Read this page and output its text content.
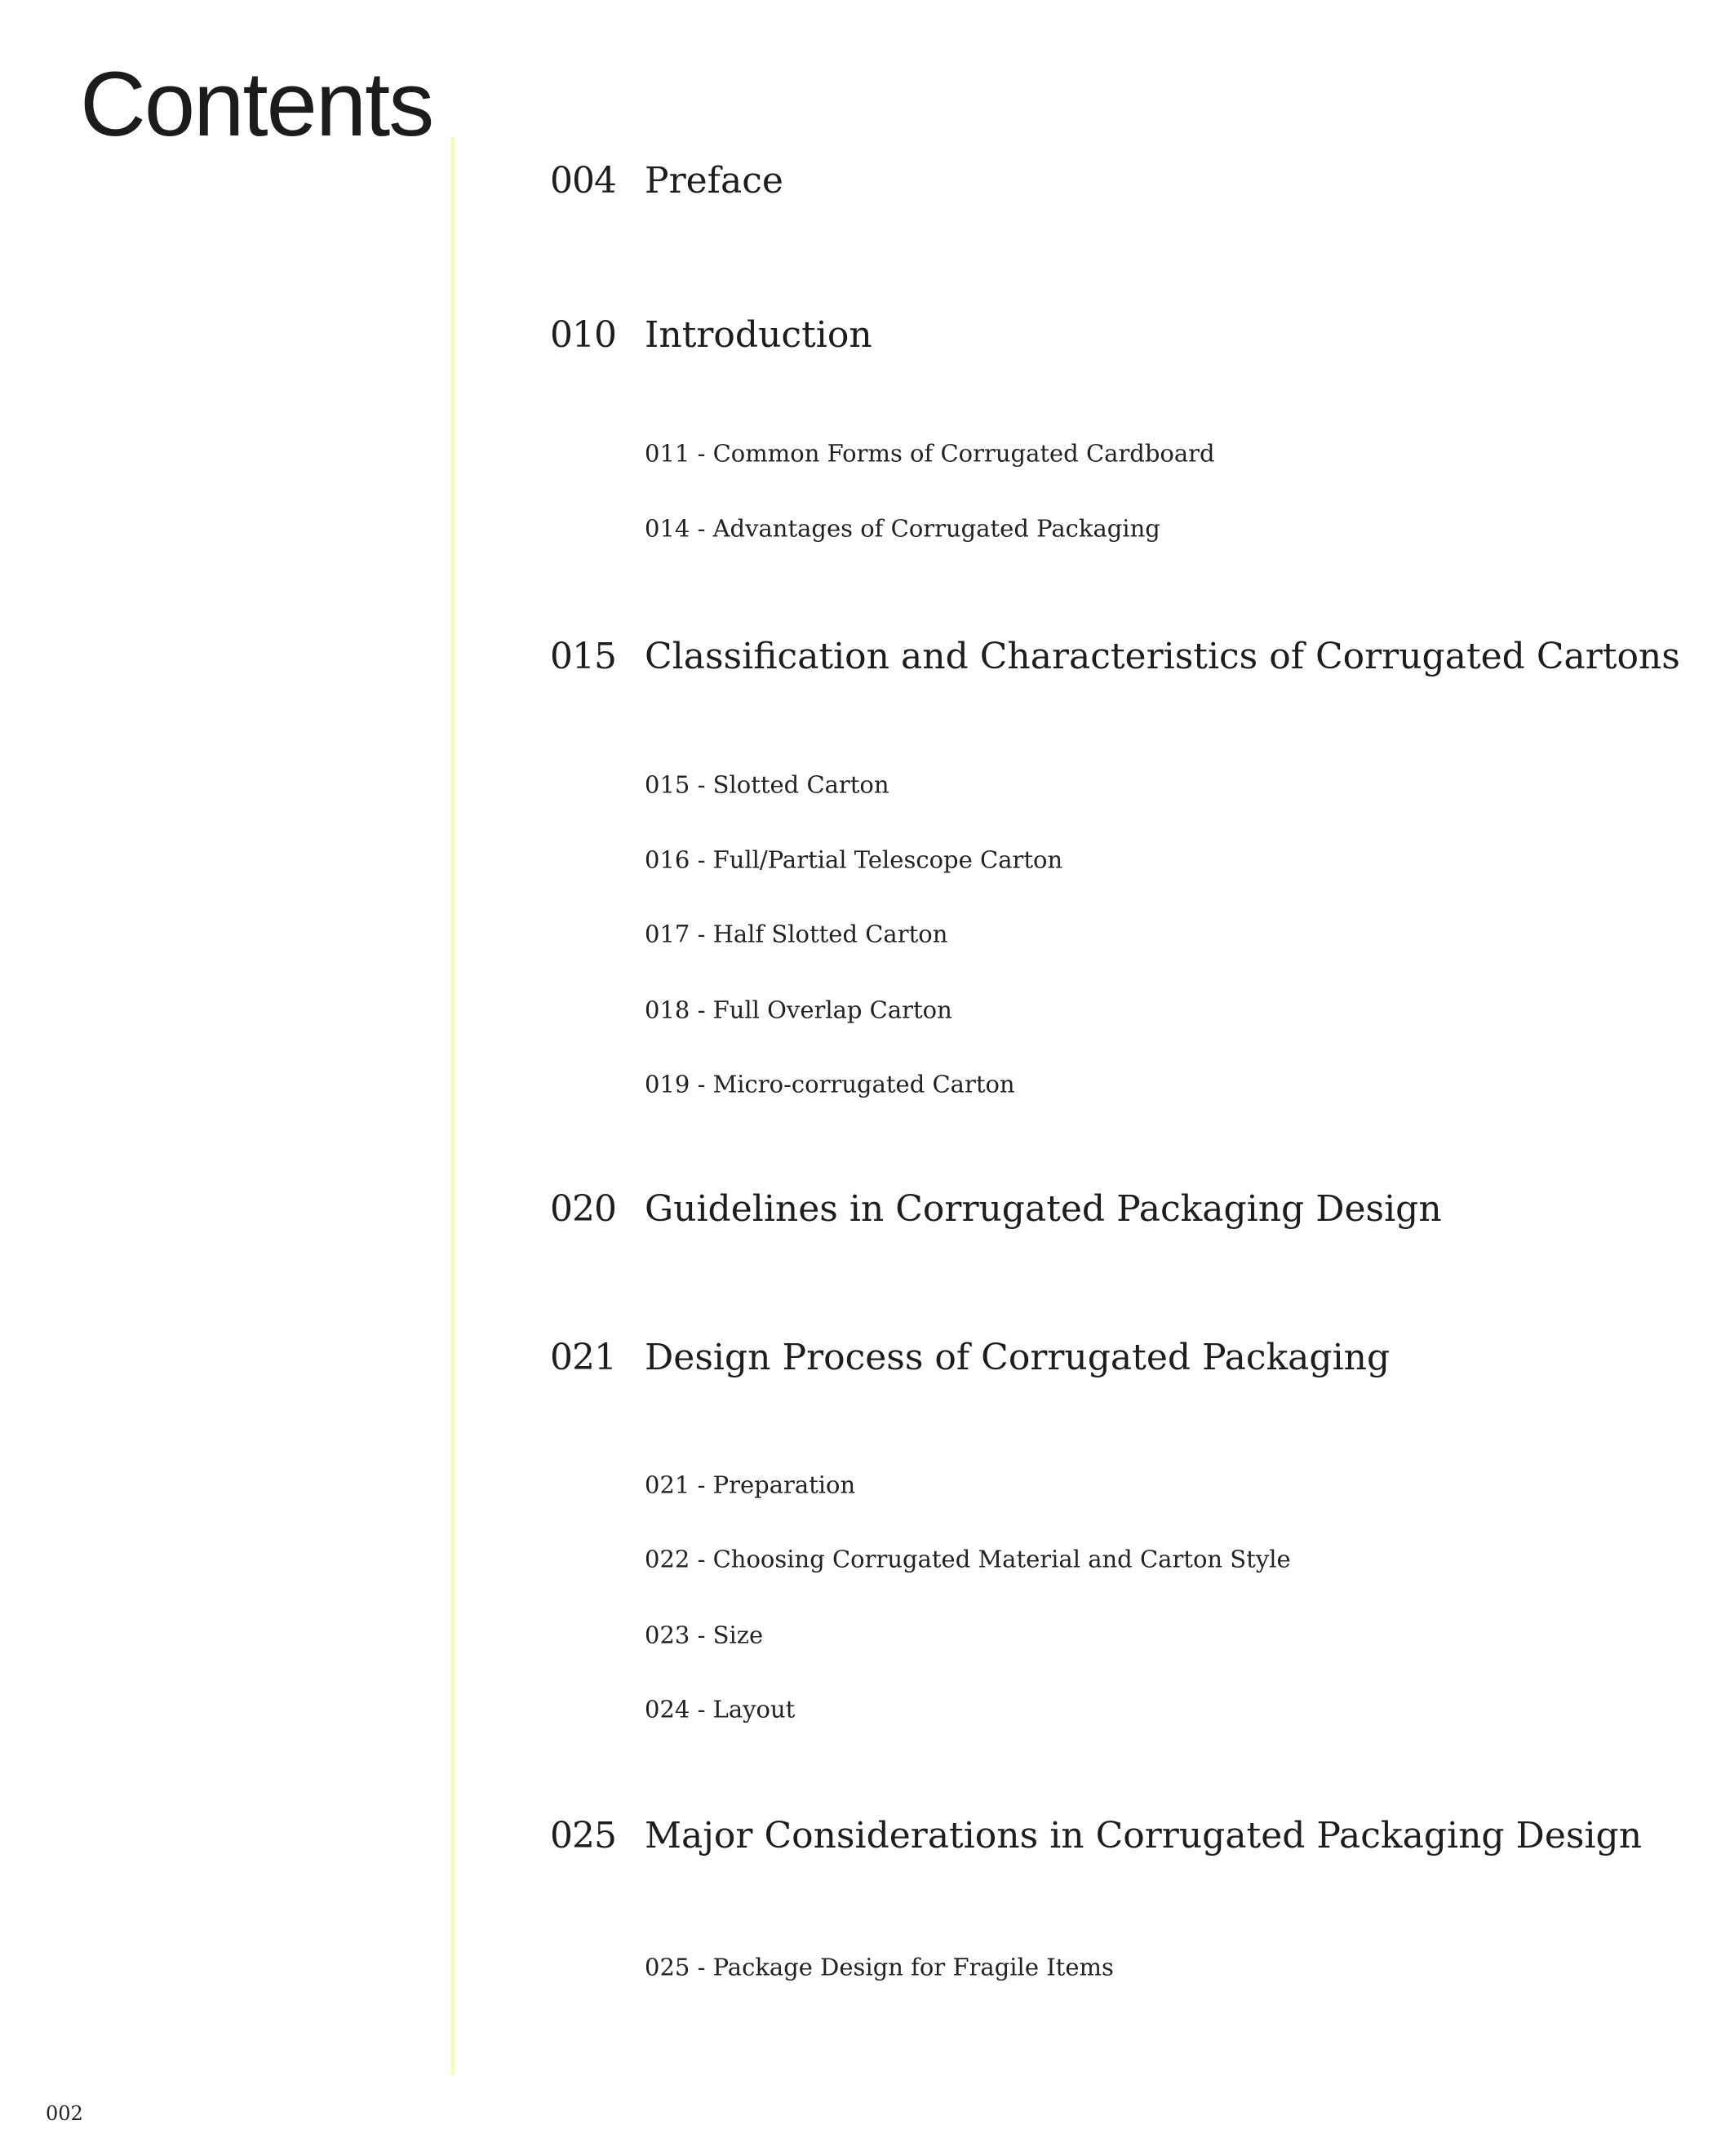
Contents
004 Preface
010 Introduction
011 - Common Forms of Corrugated Cardboard
014 - Advantages of Corrugated Packaging
015 Classification and Characteristics of Corrugated Cartons
015 - Slotted Carton
016 - Full/Partial Telescope Carton
017 - Half Slotted Carton
018 - Full Overlap Carton
019 - Micro-corrugated Carton
020 Guidelines in Corrugated Packaging Design
021 Design Process of Corrugated Packaging
021 - Preparation
022 - Choosing Corrugated Material and Carton Style
023 - Size
024 - Layout
025 Major Considerations in Corrugated Packaging Design
025 - Package Design for Fragile Items
002
